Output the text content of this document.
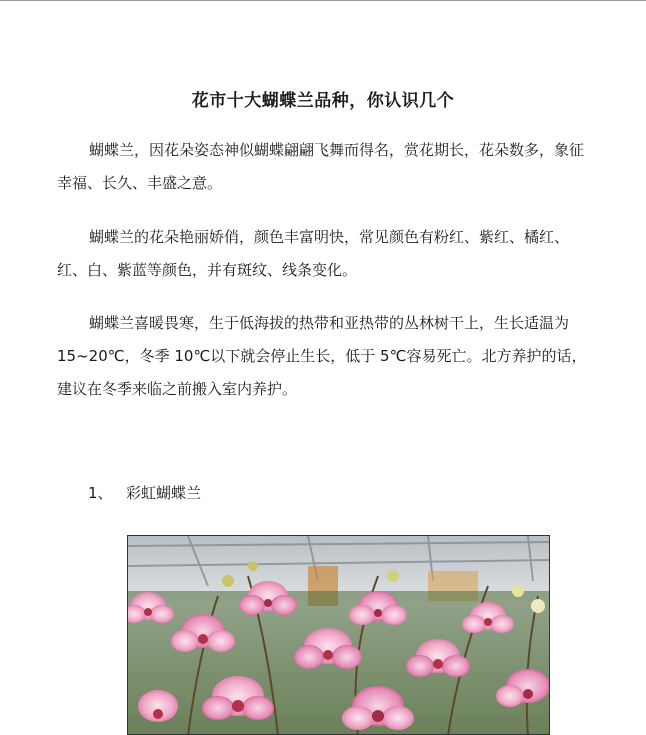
花市十大蝴蝶兰品种，你认识几个

蝴蝶兰，因花朵姿态神似蝴蝶翩翩飞舞而得名，赏花期长，花朵数多，象征幸福、长久、丰盛之意。

蝴蝶兰的花朵艳丽娇俏，颜色丰富明快，常见颜色有粉红、紫红、橘红、红、白、紫蓝等颜色，并有斑纹、线条变化。

蝴蝶兰喜暖畏寒，生于低海拔的热带和亚热带的丛林树干上，生长适温为 15~20℃，冬季 10℃以下就会停止生长，低于 5℃容易死亡。北方养护的话，建议在冬季来临之前搬入室内养护。

1、 彩虹蝴蝶兰
